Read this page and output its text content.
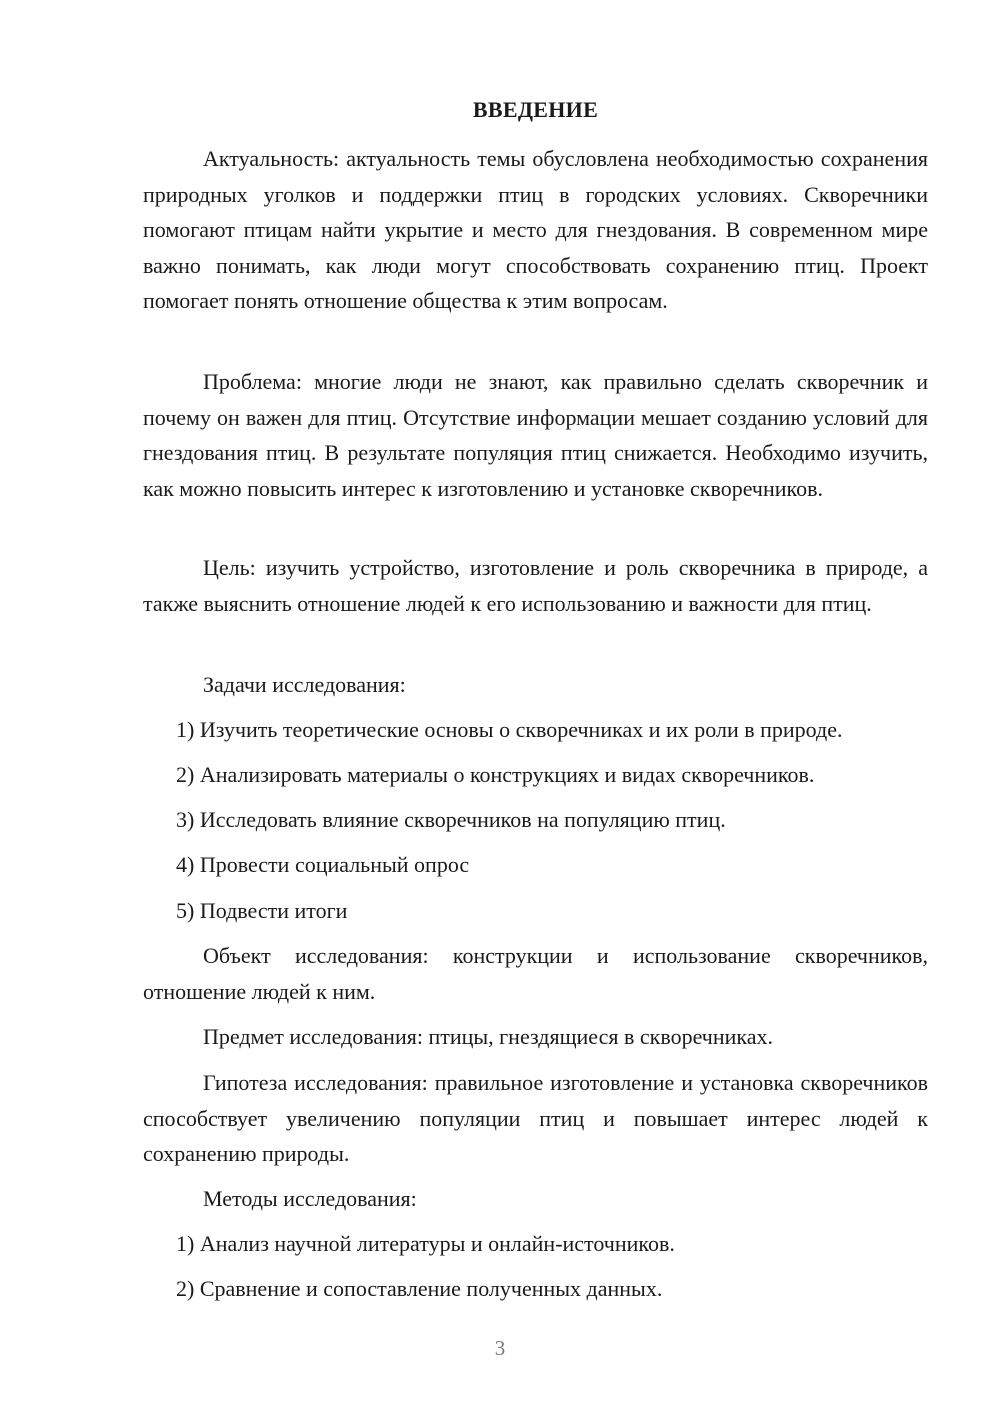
ВВЕДЕНИЕ

Актуальность: актуальность темы обусловлена необходимостью сохранения природных уголков и поддержки птиц в городских условиях. Скворечники помогают птицам найти укрытие и место для гнездования. В современном мире важно понимать, как люди могут способствовать сохранению птиц. Проект помогает понять отношение общества к этим вопросам.

Проблема: многие люди не знают, как правильно сделать скворечник и почему он важен для птиц. Отсутствие информации мешает созданию условий для гнездования птиц. В результате популяция птиц снижается. Необходимо изучить, как можно повысить интерес к изготовлению и установке скворечников.

Цель: изучить устройство, изготовление и роль скворечника в природе, а также выяснить отношение людей к его использованию и важности для птиц.

Задачи исследования:

1) Изучить теоретические основы о скворечниках и их роли в природе.

2) Анализировать материалы о конструкциях и видах скворечников.

3) Исследовать влияние скворечников на популяцию птиц.

4) Провести социальный опрос

5) Подвести итоги

Объект исследования: конструкции и использование скворечников, отношение людей к ним.

Предмет исследования: птицы, гнездящиеся в скворечниках.

Гипотеза исследования: правильное изготовление и установка скворечников способствует увеличению популяции птиц и повышает интерес людей к сохранению природы.

Методы исследования:

1) Анализ научной литературы и онлайн-источников.

2) Сравнение и сопоставление полученных данных.

3
